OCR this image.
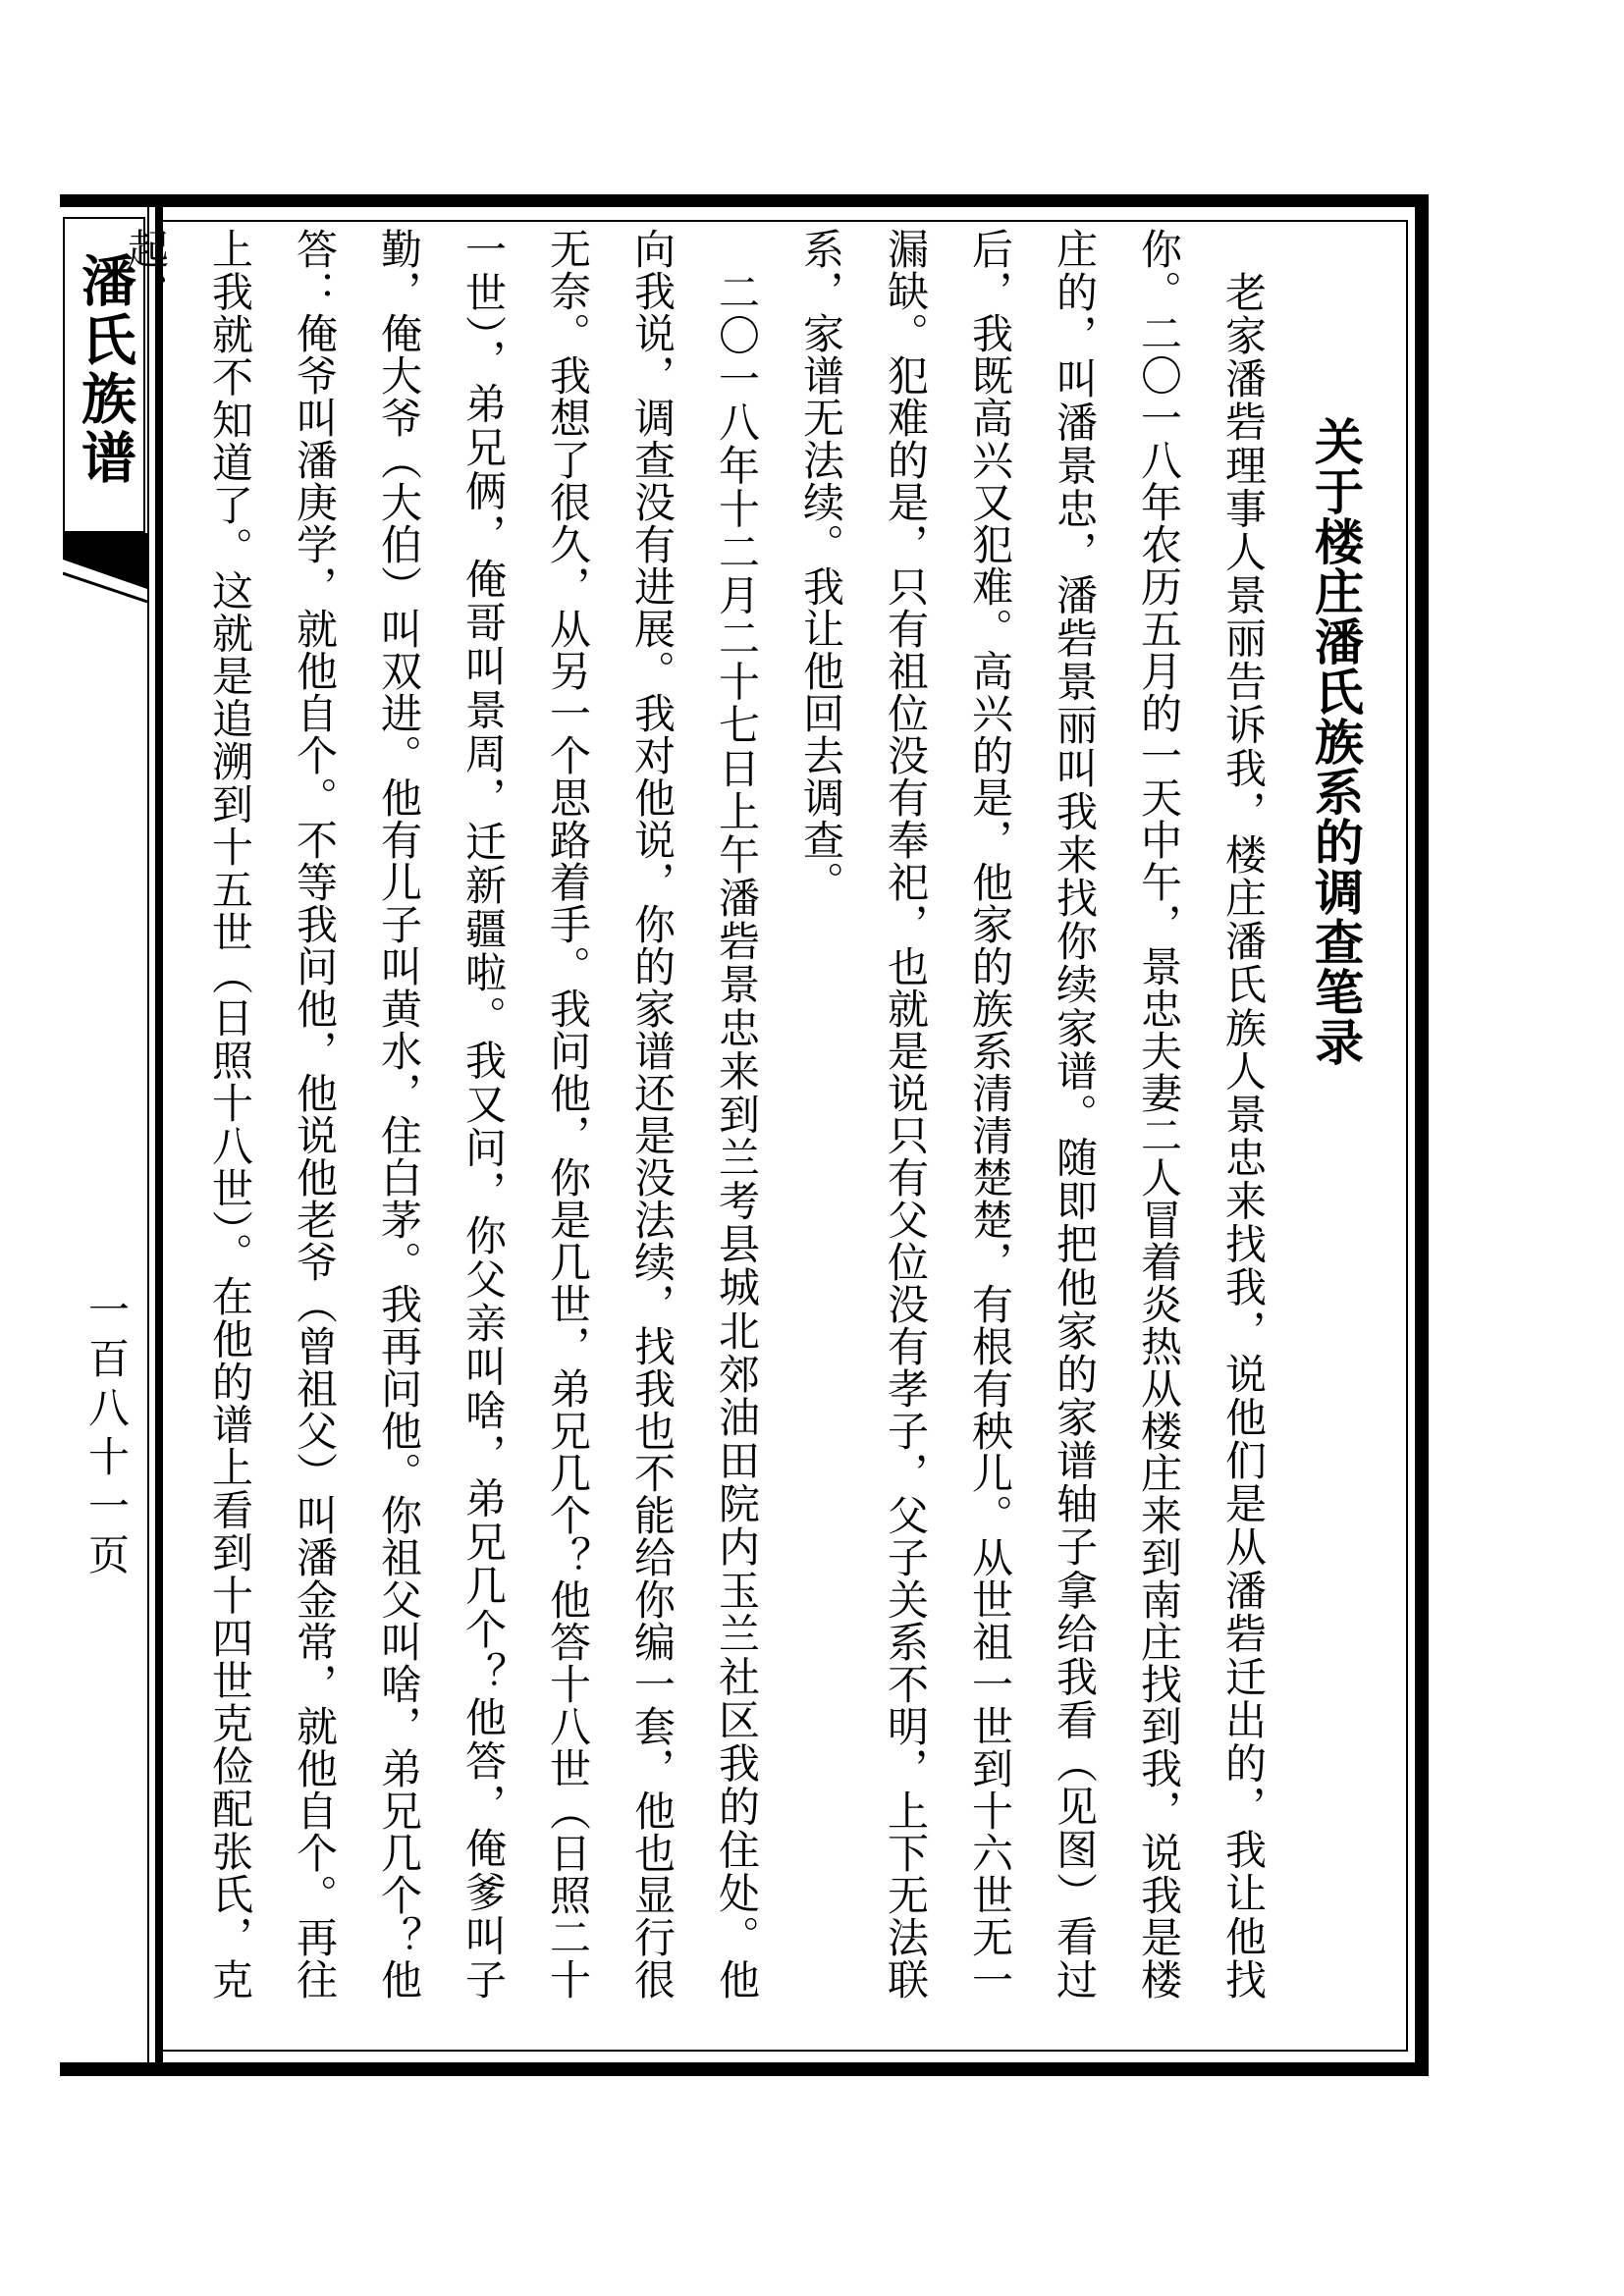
关于楼庄潘氏族系的调查笔录

老家潘砦理事人景丽告诉我，楼庄潘氏族人景忠来找我，说他们是从潘砦迁出的，我让他找你。二〇一八年农历五月的一天中午，景忠夫妻二人冒着炎热从楼庄来到南庄找到我，说我是楼庄的，叫潘景忠，潘砦景丽叫我来找你续家谱。随即把他家的家谱轴子拿给我看（见图）看过后，我既高兴又犯难。高兴的是，他家的族系清清楚楚，有根有秧儿。从世祖一世到十六世无一漏缺。犯难的是，只有祖位没有奉祀，也就是说只有父位没有孝子，父子关系不明，上下无法联系，家谱无法续。我让他回去调查。

二〇一八年十二月二十七日上午潘砦景忠来到兰考县城北郊油田院内玉兰社区我的住处。他向我说，调查没有进展。我对他说，你的家谱还是没法续，找我也不能给你编一套，他也显行很无奈。我想了很久，从另一个思路着手。我问他，你是几世，弟兄几个？他答十八世（日照二十一世），弟兄俩，俺哥叫景周，迁新疆啦。我又问，你父亲叫啥，弟兄几个？他答，俺爹叫子勤，俺大爷（大伯）叫双进。他有儿子叫黄水，住白茅。我再问他。你祖父叫啥，弟兄几个？他答：俺爷叫潘庚学，就他自个。不等我问他，他说他老爷（曾祖父）叫潘金常，就他自个。再往上我就不知道了。这就是追溯到十五世（日照十八世）。在他的谱上看到十四世克俭配张氏，克起、

潘氏族谱
一百八十一页
